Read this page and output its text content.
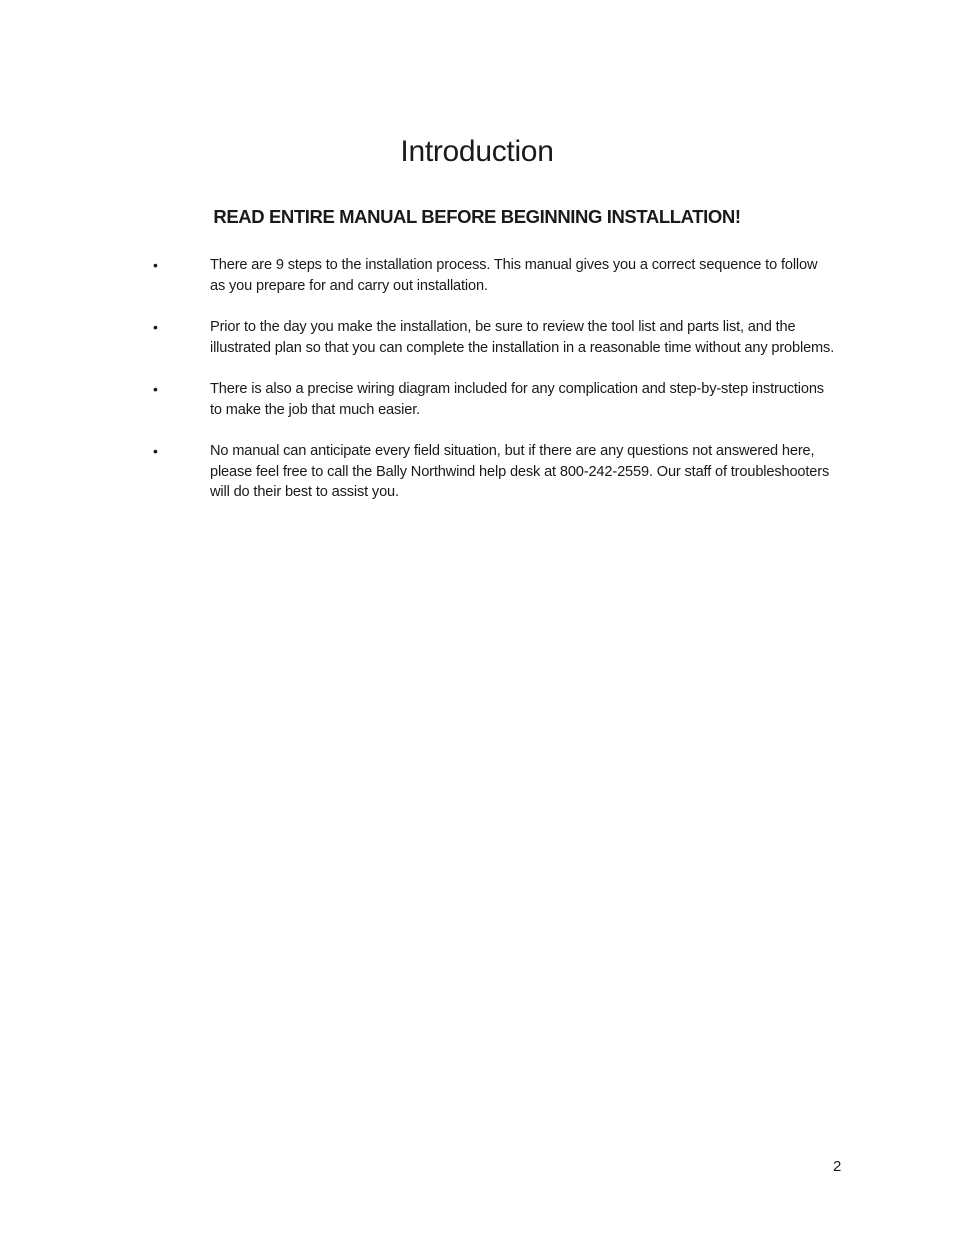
Introduction
READ ENTIRE MANUAL BEFORE BEGINNING INSTALLATION!
•	There are 9 steps to the installation process. This manual gives you a correct sequence to follow as you prepare for and carry out installation.
•	Prior to the day you make the installation, be sure to review the tool list and parts list, and the illustrated plan so that you can complete the installation in a reasonable time without any problems.
•	There is also a precise wiring diagram included for any complication and step-by-step instructions to make the job that much easier.
•	No manual can anticipate every field situation, but if there are any questions not answered here, please feel free to call the Bally Northwind help desk at 800-242-2559. Our staff of troubleshooters will do their best to assist you.
2
